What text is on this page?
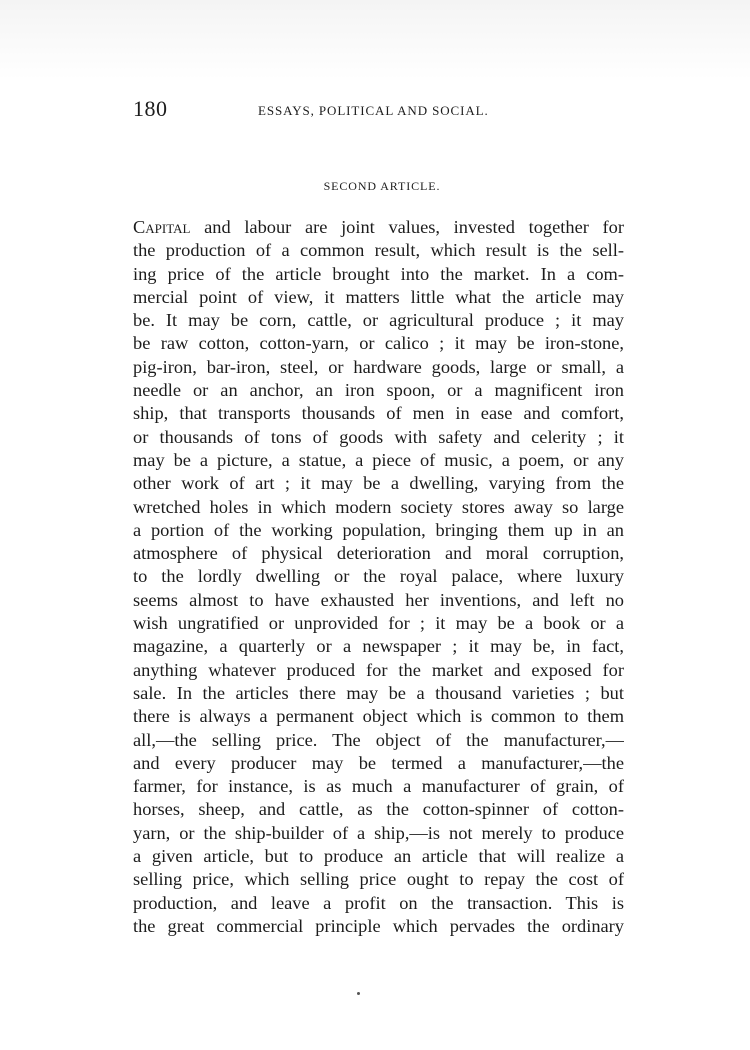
180	ESSAYS, POLITICAL AND SOCIAL.
SECOND ARTICLE.
Capital and labour are joint values, invested together for
the production of a common result, which result is the sell-
ing price of the article brought into the market. In a com-
mercial point of view, it matters little what the article may
be. It may be corn, cattle, or agricultural produce ; it may
be raw cotton, cotton-yarn, or calico ; it may be iron-stone,
pig-iron, bar-iron, steel, or hardware goods, large or small, a
needle or an anchor, an iron spoon, or a magnificent iron
ship, that transports thousands of men in ease and comfort,
or thousands of tons of goods with safety and celerity ; it
may be a picture, a statue, a piece of music, a poem, or any
other work of art ; it may be a dwelling, varying from the
wretched holes in which modern society stores away so large
a portion of the working population, bringing them up in an
atmosphere of physical deterioration and moral corruption,
to the lordly dwelling or the royal palace, where luxury
seems almost to have exhausted her inventions, and left no
wish ungratified or unprovided for ; it may be a book or a
magazine, a quarterly or a newspaper ; it may be, in fact,
anything whatever produced for the market and exposed for
sale. In the articles there may be a thousand varieties ; but
there is always a permanent object which is common to them
all,—the selling price. The object of the manufacturer,—
and every producer may be termed a manufacturer,—the
farmer, for instance, is as much a manufacturer of grain, of
horses, sheep, and cattle, as the cotton-spinner of cotton-
yarn, or the ship-builder of a ship,—is not merely to produce
a given article, but to produce an article that will realize a
selling price, which selling price ought to repay the cost of
production, and leave a profit on the transaction. This is
the great commercial principle which pervades the ordinary
